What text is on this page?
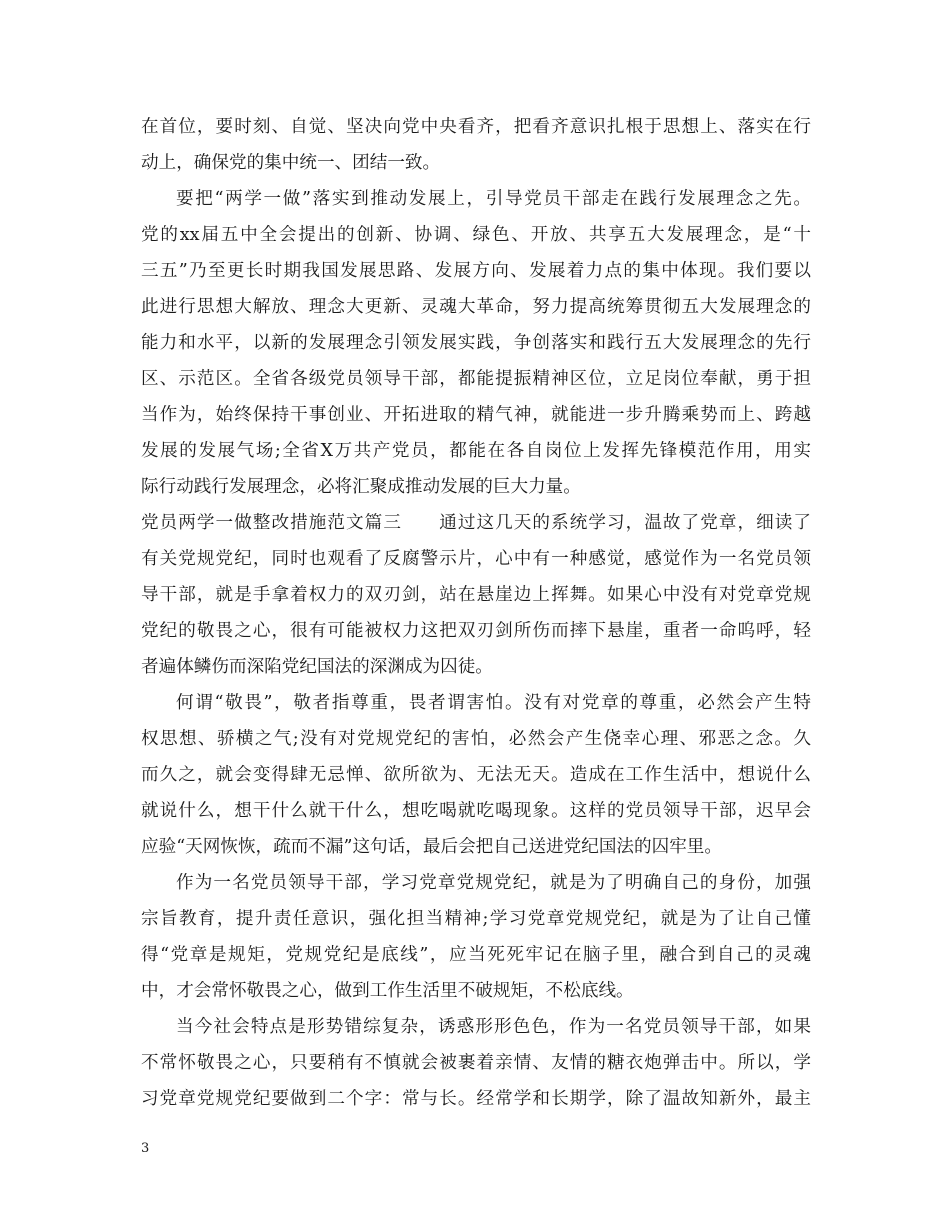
在首位，要时刻、自觉、坚决向党中央看齐，把看齐意识扎根于思想上、落实在行
动上，确保党的集中统一、团结一致。
要把“两学一做”落实到推动发展上，引导党员干部走在践行发展理念之先。
党的xx届五中全会提出的创新、协调、绿色、开放、共享五大发展理念，是“十
三五”乃至更长时期我国发展思路、发展方向、发展着力点的集中体现。我们要以
此进行思想大解放、理念大更新、灵魂大革命，努力提高统筹贯彻五大发展理念的
能力和水平，以新的发展理念引领发展实践，争创落实和践行五大发展理念的先行
区、示范区。全省各级党员领导干部，都能提振精神区位，立足岗位奉献，勇于担
当作为，始终保持干事创业、开拓进取的精气神，就能进一步升腾乘势而上、跨越
发展的发展气场;全省X万共产党员，都能在各自岗位上发挥先锋模范作用，用实
际行动践行发展理念，必将汇聚成推动发展的巨大力量。
党员两学一做整改措施范文篇三　　通过这几天的系统学习，温故了党章，细读了
有关党规党纪，同时也观看了反腐警示片，心中有一种感觉，感觉作为一名党员领
导干部，就是手拿着权力的双刃剑，站在悬崖边上挥舞。如果心中没有对党章党规
党纪的敬畏之心，很有可能被权力这把双刃剑所伤而摔下悬崖，重者一命呜呼，轻
者遍体鳞伤而深陷党纪国法的深渊成为囚徒。
何谓“敬畏”，敬者指尊重，畏者谓害怕。没有对党章的尊重，必然会产生特
权思想、骄横之气;没有对党规党纪的害怕，必然会产生侥幸心理、邪恶之念。久
而久之，就会变得肆无忌惮、欲所欲为、无法无天。造成在工作生活中，想说什么
就说什么，想干什么就干什么，想吃喝就吃喝现象。这样的党员领导干部，迟早会
应验“天网恢恢，疏而不漏”这句话，最后会把自己送进党纪国法的囚牢里。
作为一名党员领导干部，学习党章党规党纪，就是为了明确自己的身份，加强
宗旨教育，提升责任意识，强化担当精神;学习党章党规党纪，就是为了让自己懂
得“党章是规矩，党规党纪是底线”，应当死死牢记在脑子里，融合到自己的灵魂
中，才会常怀敬畏之心，做到工作生活里不破规矩，不松底线。
当今社会特点是形势错综复杂，诱惑形形色色，作为一名党员领导干部，如果
不常怀敬畏之心，只要稍有不慎就会被裹着亲情、友情的糖衣炮弹击中。所以，学
习党章党规党纪要做到二个字：常与长。经常学和长期学，除了温故知新外，最主
3
